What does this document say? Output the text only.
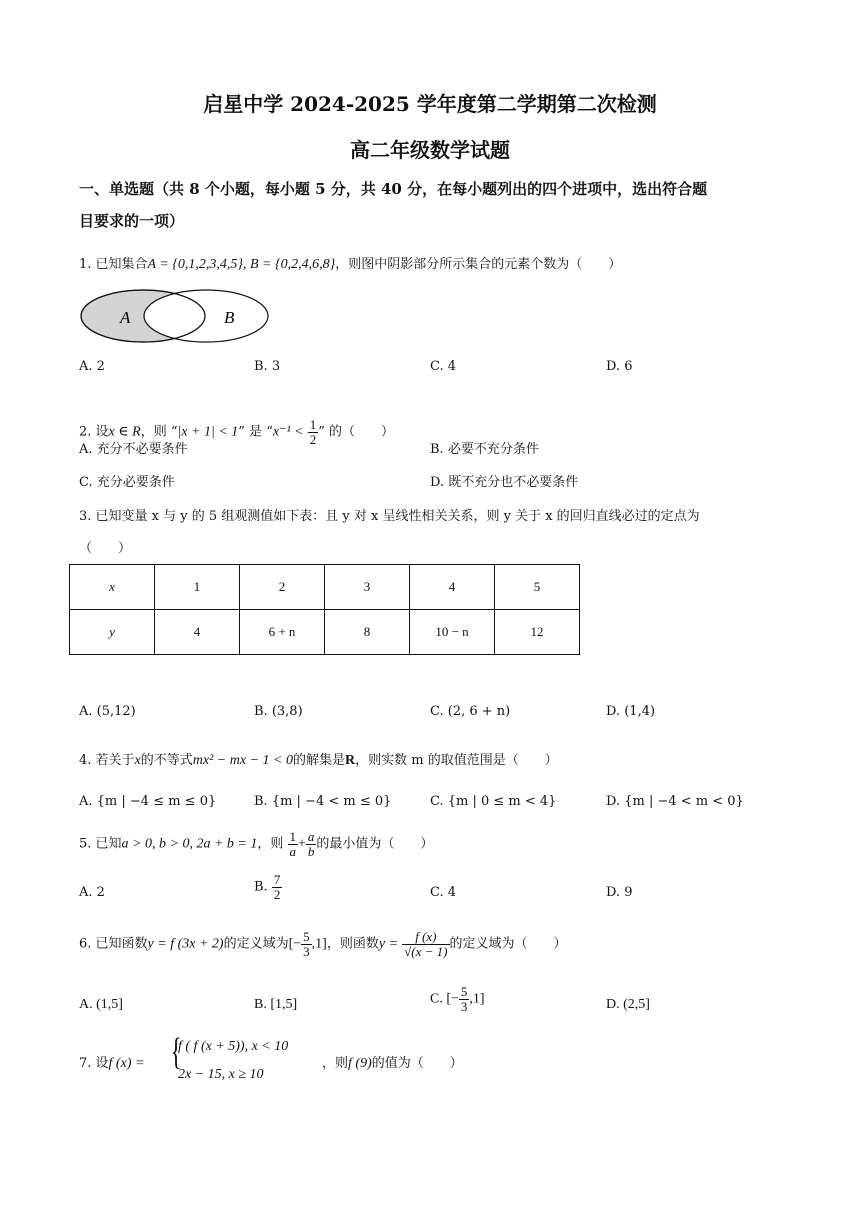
启星中学 2024-2025 学年度第二学期第二次检测
高二年级数学试题
一、单选题（共 8 个小题，每小题 5 分，共 40 分，在每小题列出的四个进项中，选出符合题
目要求的一项）
1. 已知集合A = {0,1,2,3,4,5}, B = {0,2,4,6,8}，则图中阴影部分所示集合的元素个数为（　　）
A	B
A. 2	B. 3	C. 4	D. 6
2. 设x ∈ R，则 “|x + 1| < 1” 是 “$x^{-1} < \frac{1}{2}$ ” 的（　　）
A. 充分不必要条件	B. 必要不充分条件
C. 充分必要条件	D. 既不充分也不必要条件
3. 已知变量 x 与 y 的 5 组观测值如下表：且 y 对 x 呈线性相关关系，则 y 关于 x 的回归直线必过的定点为
（　　）
x	1	2	3	4	5
y	4	6 + n	8	10 − n	12
A. (5,12)	B. (3,8)	C. (2, 6 + n)	D. (1,4)
4. 若关于x的不等式mx² − mx − 1 < 0的解集是R，则实数 m 的取值范围是（　　）
A. {m | −4 ≤ m ≤ 0}	B. {m | −4 < m ≤ 0}	C. {m | 0 ≤ m < 4}	D. {m | −4 < m < 0}
5. 已知a > 0, b > 0, 2a + b = 1，则 $\frac{1}{a} + \frac{a}{b}$ 的最小值为（　　）
A. 2	B. $\frac{7}{2}$	C. 4	D. 9
6. 已知函数y = f (3x + 2)的定义域为[− $\frac{5}{3} ,1$]，则函数$y = \frac{f (x)}{√(x - 1)}$ 的定义域为（　　）
A. (1,5]	B. [1,5]	C. [− $\frac{5}{3} ,1$]	D. (2,5]
7. 设f (x) = {
f ( f (x + 5)), x < 10
2x − 15, x ≥ 10
，则f (9)的值为（　　）
